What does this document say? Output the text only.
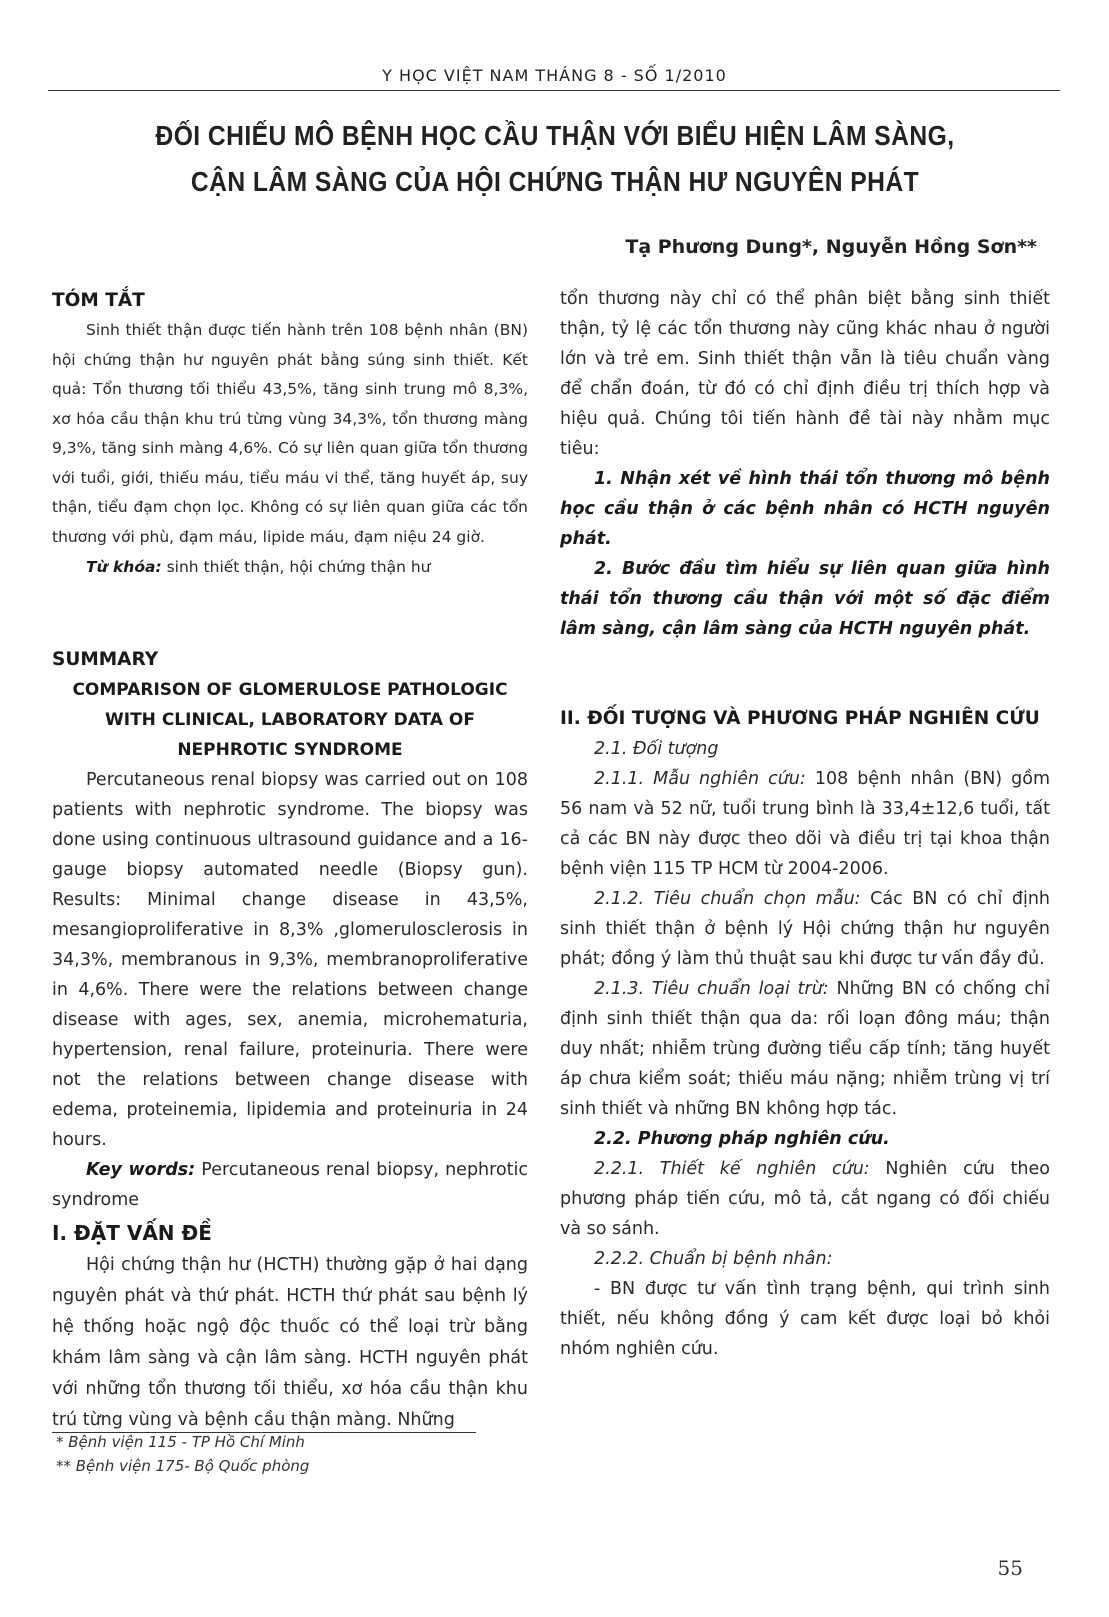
Y HỌC VIỆT NAM THÁNG 8 - SỐ 1/2010
ĐỐI CHIẾU MÔ BỆNH HỌC CẦU THẬN VỚI BIỂU HIỆN LÂM SÀNG,
CẬN LÂM SÀNG CỦA HỘI CHỨNG THẬN HƯ NGUYÊN PHÁT
Tạ Phương Dung*, Nguyễn Hồng Sơn**
TÓM TẮT

Sinh thiết thận được tiến hành trên 108 bệnh nhân (BN) hội chứng thận hư nguyên phát bằng súng sinh thiết. Kết quả: Tổn thương tối thiểu 43,5%, tăng sinh trung mô 8,3%, xơ hóa cầu thận khu trú từng vùng 34,3%, tổn thương màng 9,3%, tăng sinh màng 4,6%. Có sự liên quan giữa tổn thương với tuổi, giới, thiếu máu, tiểu máu vi thể, tăng huyết áp, suy thận, tiểu đạm chọn lọc. Không có sự liên quan giữa các tổn thương với phù, đạm máu, lipide máu, đạm niệu 24 giờ.

Từ khóa: sinh thiết thận, hội chứng thận hư

SUMMARY
COMPARISON OF GLOMERULOSE PATHOLOGIC
WITH CLINICAL, LABORATORY DATA OF
NEPHROTIC SYNDROME

Percutaneous renal biopsy was carried out on 108 patients with nephrotic syndrome. The biopsy was done using continuous ultrasound guidance and a 16-gauge biopsy automated needle (Biopsy gun). Results: Minimal change disease in 43,5%, mesangioproliferative in 8,3% ,glomerulosclerosis in 34,3%, membranous in 9,3%, membranoproliferative in 4,6%. There were the relations between change disease with ages, sex, anemia, microhematuria, hypertension, renal failure, proteinuria. There were not the relations between change disease with edema, proteinemia, lipidemia and proteinuria in 24 hours.

Key words: Percutaneous renal biopsy, nephrotic syndrome

I. ĐẶT VẤN ĐỀ

Hội chứng thận hư (HCTH) thường gặp ở hai dạng nguyên phát và thứ phát. HCTH thứ phát sau bệnh lý hệ thống hoặc ngộ độc thuốc có thể loại trừ bằng khám lâm sàng và cận lâm sàng. HCTH nguyên phát với những tổn thương tối thiểu, xơ hóa cầu thận khu trú từng vùng và bệnh cầu thận màng. Những

* Bệnh viện 115 - TP Hồ Chí Minh
** Bệnh viện 175- Bộ Quốc phòng

tổn thương này chỉ có thể phân biệt bằng sinh thiết thận, tỷ lệ các tổn thương này cũng khác nhau ở người lớn và trẻ em. Sinh thiết thận vẫn là tiêu chuẩn vàng để chẩn đoán, từ đó có chỉ định điều trị thích hợp và hiệu quả. Chúng tôi tiến hành đề tài này nhằm mục tiêu:

1. Nhận xét về hình thái tổn thương mô bệnh học cầu thận ở các bệnh nhân có HCTH nguyên phát.

2. Bước đầu tìm hiểu sự liên quan giữa hình thái tổn thương cầu thận với một số đặc điểm lâm sàng, cận lâm sàng của HCTH nguyên phát.

II. ĐỐI TƯỢNG VÀ PHƯƠNG PHÁP NGHIÊN CỨU
2.1. Đối tượng

2.1.1. Mẫu nghiên cứu: 108 bệnh nhân (BN) gồm 56 nam và 52 nữ, tuổi trung bình là 33,4±12,6 tuổi, tất cả các BN này được theo dõi và điều trị tại khoa thận bệnh viện 115 TP HCM từ 2004-2006.

2.1.2. Tiêu chuẩn chọn mẫu: Các BN có chỉ định sinh thiết thận ở bệnh lý Hội chứng thận hư nguyên phát; đồng ý làm thủ thuật sau khi được tư vấn đầy đủ.

2.1.3. Tiêu chuẩn loại trừ: Những BN có chống chỉ định sinh thiết thận qua da: rối loạn đông máu; thận duy nhất; nhiễm trùng đường tiểu cấp tính; tăng huyết áp chưa kiểm soát; thiếu máu nặng; nhiễm trùng vị trí sinh thiết và những BN không hợp tác.

2.2. Phương pháp nghiên cứu.

2.2.1. Thiết kế nghiên cứu: Nghiên cứu theo phương pháp tiến cứu, mô tả, cắt ngang có đối chiếu và so sánh.

2.2.2. Chuẩn bị bệnh nhân:

- BN được tư vấn tình trạng bệnh, qui trình sinh thiết, nếu không đồng ý cam kết được loại bỏ khỏi nhóm nghiên cứu.

55
